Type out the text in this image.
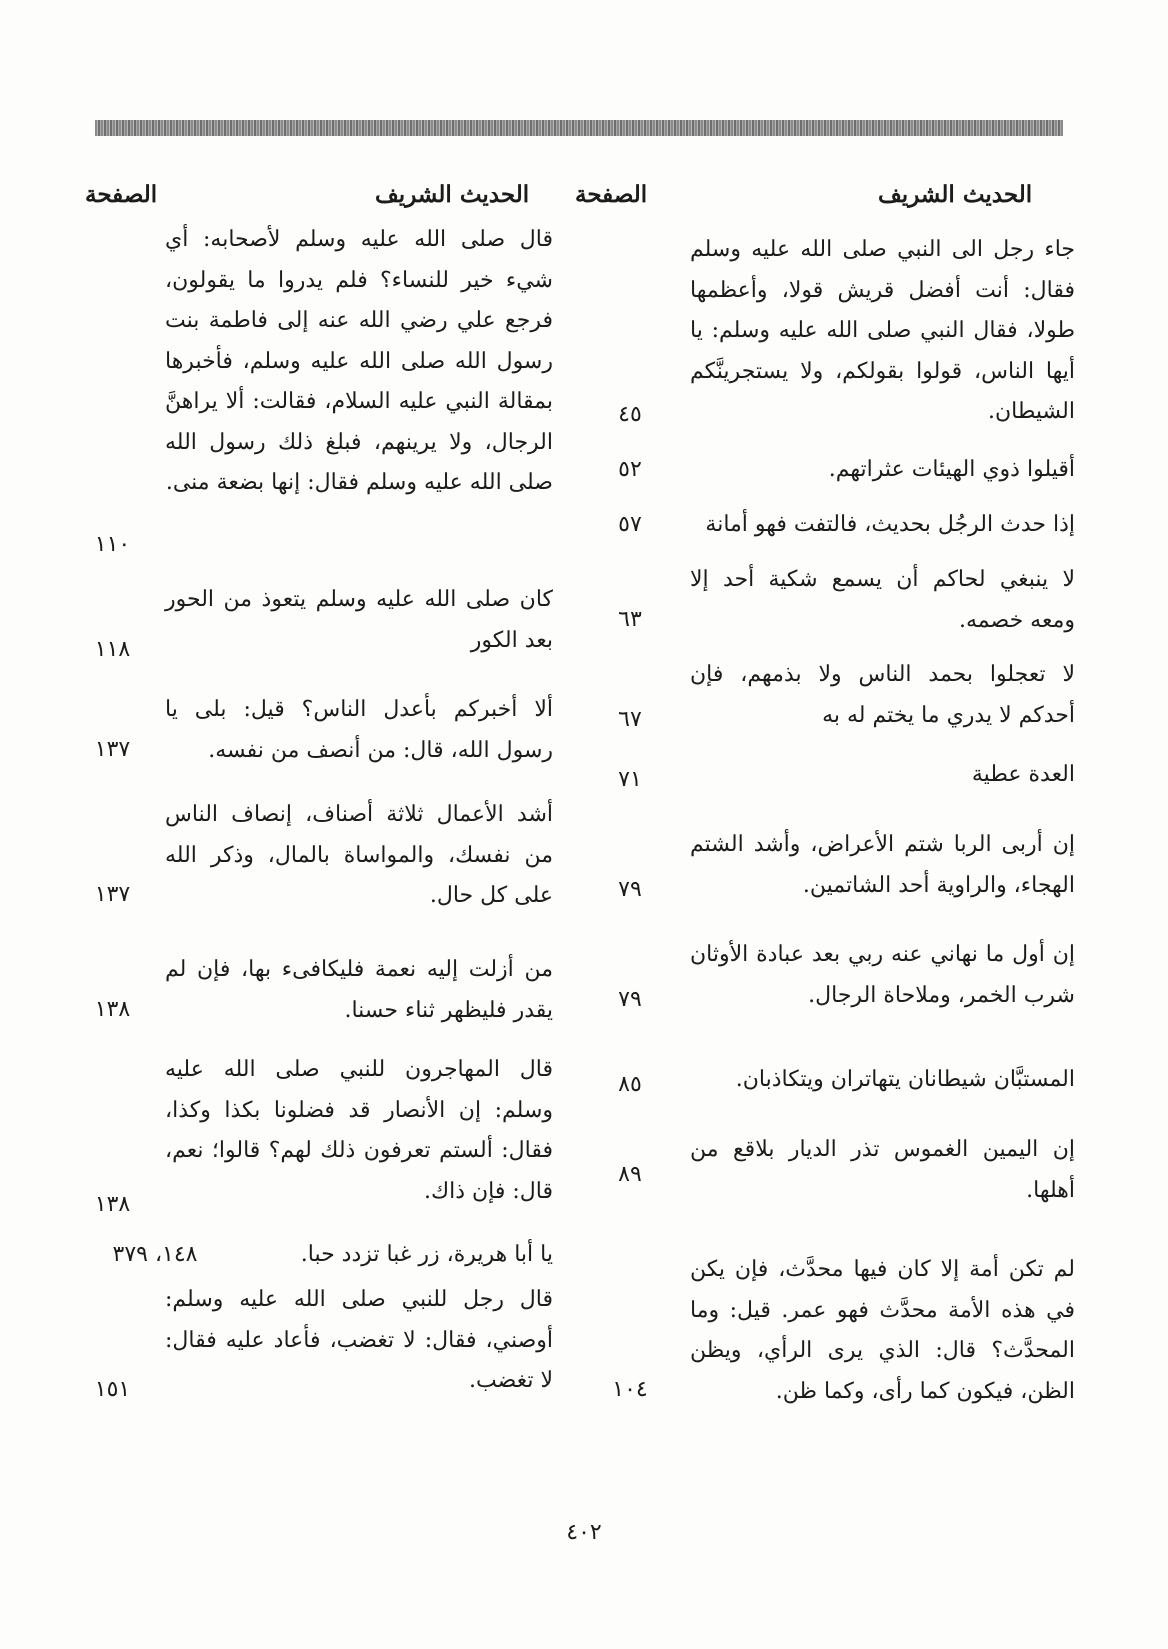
الحديث الشريف
الصفحة
الحديث الشريف
الصفحة
جاء رجل الى النبي صلى الله عليه وسلم فقال: أنت أفضل قريش قولا، وأعظمها طولا، فقال النبي صلى الله عليه وسلم: يا أيها الناس، قولوا بقولكم، ولا يستجرينَّكم الشيطان.
٤٥
أقيلوا ذوي الهيئات عثراتهم.
٥٢
إذا حدث الرجُل بحديث، فالتفت فهو أمانة
٥٧
لا ينبغي لحاكم أن يسمع شكية أحد إلا ومعه خصمه.
٦٣
لا تعجلوا بحمد الناس ولا بذمهم، فإن أحدكم لا يدري ما يختم له به
٦٧
العدة عطية
٧١
إن أربى الربا شتم الأعراض، وأشد الشتم الهجاء، والراوية أحد الشاتمين.
٧٩
إن أول ما نهاني عنه ربي بعد عبادة الأوثان شرب الخمر، وملاحاة الرجال.
٧٩
المستبَّان شيطانان يتهاتران ويتكاذبان.
٨٥
إن اليمين الغموس تذر الديار بلاقع من أهلها.
٨٩
لم تكن أمة إلا كان فيها محدَّث، فإن يكن في هذه الأمة محدَّث فهو عمر. قيل: وما المحدَّث؟ قال: الذي يرى الرأي، ويظن الظن، فيكون كما رأى، وكما ظن.
١٠٤
قال صلى الله عليه وسلم لأصحابه: أي شيء خير للنساء؟ فلم يدروا ما يقولون، فرجع علي رضي الله عنه إلى فاطمة بنت رسول الله صلى الله عليه وسلم، فأخبرها بمقالة النبي عليه السلام، فقالت: ألا يراهنَّ الرجال، ولا يرينهم، فبلغ ذلك رسول الله صلى الله عليه وسلم فقال: إنها بضعة منى.
١١٠
كان صلى الله عليه وسلم يتعوذ من الحور بعد الكور
١١٨
ألا أخبركم بأعدل الناس؟ قيل: بلى يا رسول الله، قال: من أنصف من نفسه.
١٣٧
أشد الأعمال ثلاثة أصناف، إنصاف الناس من نفسك، والمواساة بالمال، وذكر الله على كل حال.
١٣٧
من أزلت إليه نعمة فليكافىء بها، فإن لم يقدر فليظهر ثناء حسنا.
١٣٨
قال المهاجرون للنبي صلى الله عليه وسلم: إن الأنصار قد فضلونا بكذا وكذا، فقال: ألستم تعرفون ذلك لهم؟ قالوا؛ نعم، قال: فإن ذاك.
١٣٨
يا أبا هريرة، زر غبا تزدد حبا.
١٤٨، ٣٧٩
قال رجل للنبي صلى الله عليه وسلم: أوصني، فقال: لا تغضب، فأعاد عليه فقال: لا تغضب.
١٥١
٤٠٢
